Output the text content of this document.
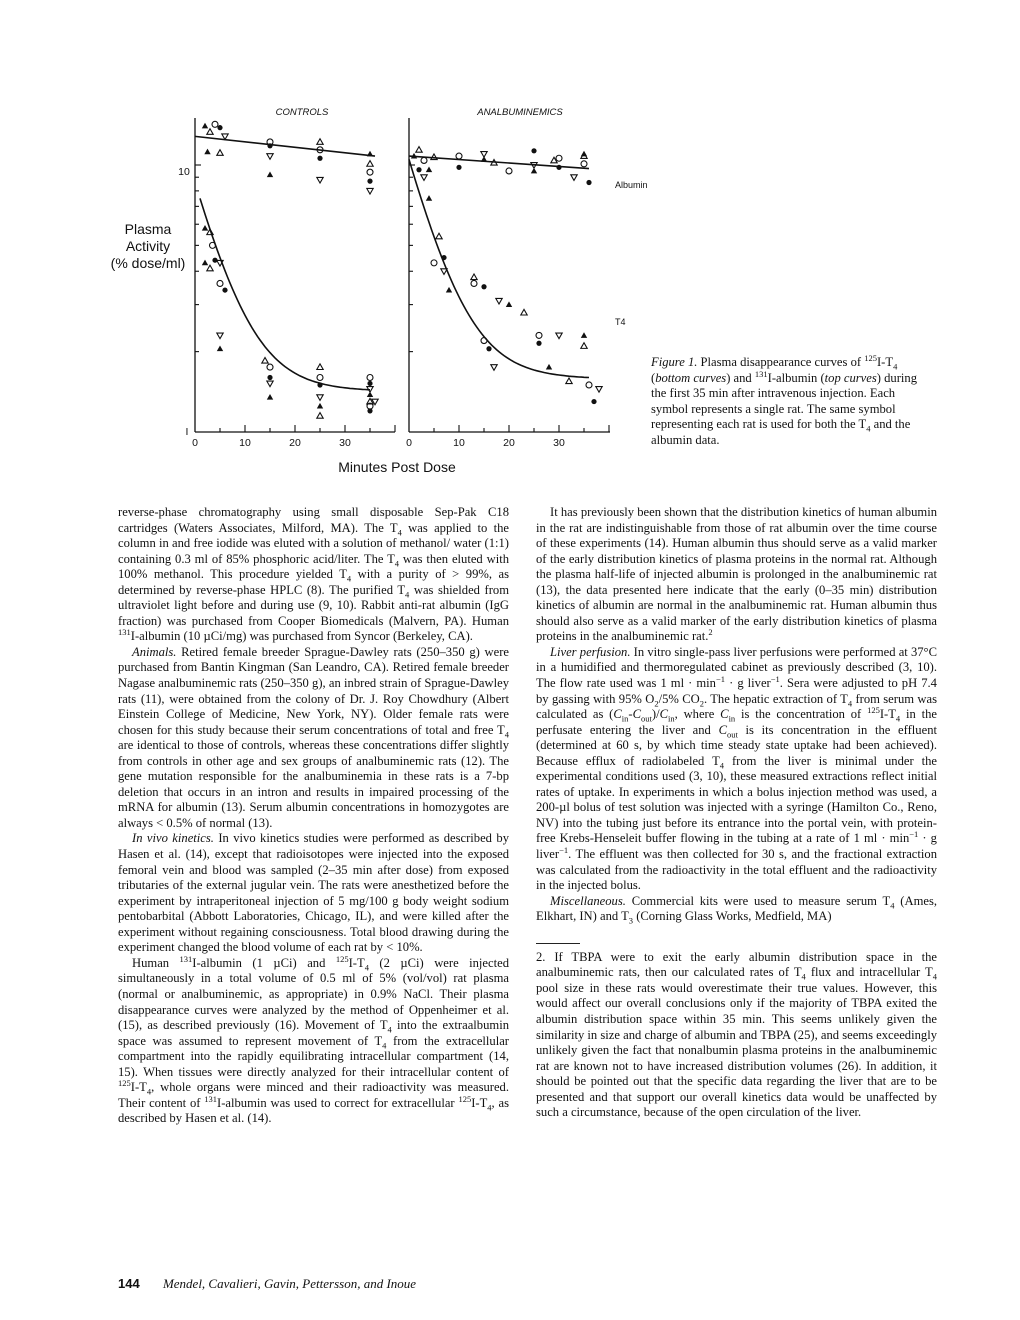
CONTROLS	ANALBUMINEMICS
Plasma
Activity
(% dose/ml)
10
I
0	10	20	30	0	10	20	30
Minutes Post Dose
Albumin
T4
Figure 1. Plasma disappearance curves of $^{125}I-T_4$ (bottom curves) and $^{131}$I-albumin (top curves) during the first 35 min after intravenous injection. Each symbol represents a single rat. The same symbol representing each rat is used for both the $T_4$ and the albumin data.

reverse-phase chromatography using small disposable Sep-Pak C18 cartridges (Waters Associates, Milford, MA). The $T_4$ was applied to the column in and free iodide was eluted with a solution of methanol/ water (1:1) containing 0.3 ml of 85% phosphoric acid/liter. The $T_4$ was then eluted with 100% methanol. This procedure yielded $T_4$ with a purity of > 99%, as determined by reverse-phase HPLC (8). The purified $T_4$ was shielded from ultraviolet light before and during use (9, 10). Rabbit anti-rat albumin (IgG fraction) was purchased from Cooper Biomedicals (Malvern, PA). Human $^{131}$I-albumin (10 µCi/mg) was purchased from Syncor (Berkeley, CA).

Animals. Retired female breeder Sprague-Dawley rats (250–350 g) were purchased from Bantin Kingman (San Leandro, CA). Retired female breeder Nagase analbuminemic rats (250–350 g), an inbred strain of Sprague-Dawley rats (11), were obtained from the colony of Dr. J. Roy Chowdhury (Albert Einstein College of Medicine, New York, NY). Older female rats were chosen for this study because their serum concentrations of total and free $T_4$ are identical to those of controls, whereas these concentrations differ slightly from controls in other age and sex groups of analbuminemic rats (12). The gene mutation responsible for the analbuminemia in these rats is a 7-bp deletion that occurs in an intron and results in impaired processing of the mRNA for albumin (13). Serum albumin concentrations in homozygotes are always < 0.5% of normal (13).

In vivo kinetics. In vivo kinetics studies were performed as described by Hasen et al. (14), except that radioisotopes were injected into the exposed femoral vein and blood was sampled (2–35 min after dose) from exposed tributaries of the external jugular vein. The rats were anesthetized before the experiment by intraperitoneal injection of 5 mg/100 g body weight sodium pentobarbital (Abbott Laboratories, Chicago, IL), and were killed after the experiment without regaining consciousness. Total blood drawing during the experiment changed the blood volume of each rat by < 10%.

Human $^{131}$I-albumin (1 µCi) and $^{125}I-T_4$ (2 µCi) were injected simultaneously in a total volume of 0.5 ml of 5% (vol/vol) rat plasma (normal or analbuminemic, as appropriate) in 0.9% NaCl. Their plasma disappearance curves were analyzed by the method of Oppenheimer et al. (15), as described previously (16). Movement of $T_4$ into the extraalbumin space was assumed to represent movement of $T_4$ from the extracellular compartment into the rapidly equilibrating intracellular compartment (14, 15). When tissues were directly analyzed for their intracellular content of $^{125}I-T_4$, whole organs were minced and their radioactivity was measured. Their content of $^{131}$I-albumin was used to correct for extracellular $^{125}I-T_4$, as described by Hasen et al. (14).

It has previously been shown that the distribution kinetics of human albumin in the rat are indistinguishable from those of rat albumin over the time course of these experiments (14). Human albumin thus should serve as a valid marker of the early distribution kinetics of plasma proteins in the normal rat. Although the plasma half-life of injected albumin is prolonged in the analbuminemic rat (13), the data presented here indicate that the early (0–35 min) distribution kinetics of albumin are normal in the analbuminemic rat. Human albumin thus should also serve as a valid marker of the early distribution kinetics of plasma proteins in the analbuminemic rat.$^2$

Liver perfusion. In vitro single-pass liver perfusions were performed at 37°C in a humidified and thermoregulated cabinet as previously described (3, 10). The flow rate used was 1 ml · $\min^{-1} \cdot g$ liver$^{-1}$. Sera were adjusted to pH 7.4 by gassing with 95% $O_2/5\%$ $CO_2$. The hepatic extraction of $T_4$ from serum was calculated as $(C_{in}-C_{out})/C_{in}$, where $C_{in}$ is the concentration of $^{125}I-T_4$ in the perfusate entering the liver and $C_{out}$ is its concentration in the effluent (determined at 60 s, by which time steady state uptake had been achieved). Because efflux of radiolabeled $T_4$ from the liver is minimal under the experimental conditions used (3, 10), these measured extractions reflect initial rates of uptake. In experiments in which a bolus injection method was used, a 200-µl bolus of test solution was injected with a syringe (Hamilton Co., Reno, NV) into the tubing just before its entrance into the portal vein, with protein-free Krebs-Henseleit buffer flowing in the tubing at a rate of 1 ml · $\min^{-1} \cdot g$ liver$^{-1}$. The effluent was then collected for 30 s, and the fractional extraction was calculated from the radioactivity in the total effluent and the radioactivity in the injected bolus.

Miscellaneous. Commercial kits were used to measure serum $T_4$ (Ames, Elkhart, IN) and $T_3$ (Corning Glass Works, Medfield, MA)

2. If TBPA were to exit the early albumin distribution space in the analbuminemic rats, then our calculated rates of $T_4$ flux and intracellular $T_4$ pool size in these rats would overestimate their true values. However, this would affect our overall conclusions only if the majority of TBPA exited the albumin distribution space within 35 min. This seems unlikely given the similarity in size and charge of albumin and TBPA (25), and seems exceedingly unlikely given the fact that nonalbumin plasma proteins in the analbuminemic rat are known not to have increased distribution volumes (26). In addition, it should be pointed out that the specific data regarding the liver that are to be presented and that support our overall kinetics data would be unaffected by such a circumstance, because of the open circulation of the liver.

144 Mendel, Cavalieri, Gavin, Pettersson, and Inoue
